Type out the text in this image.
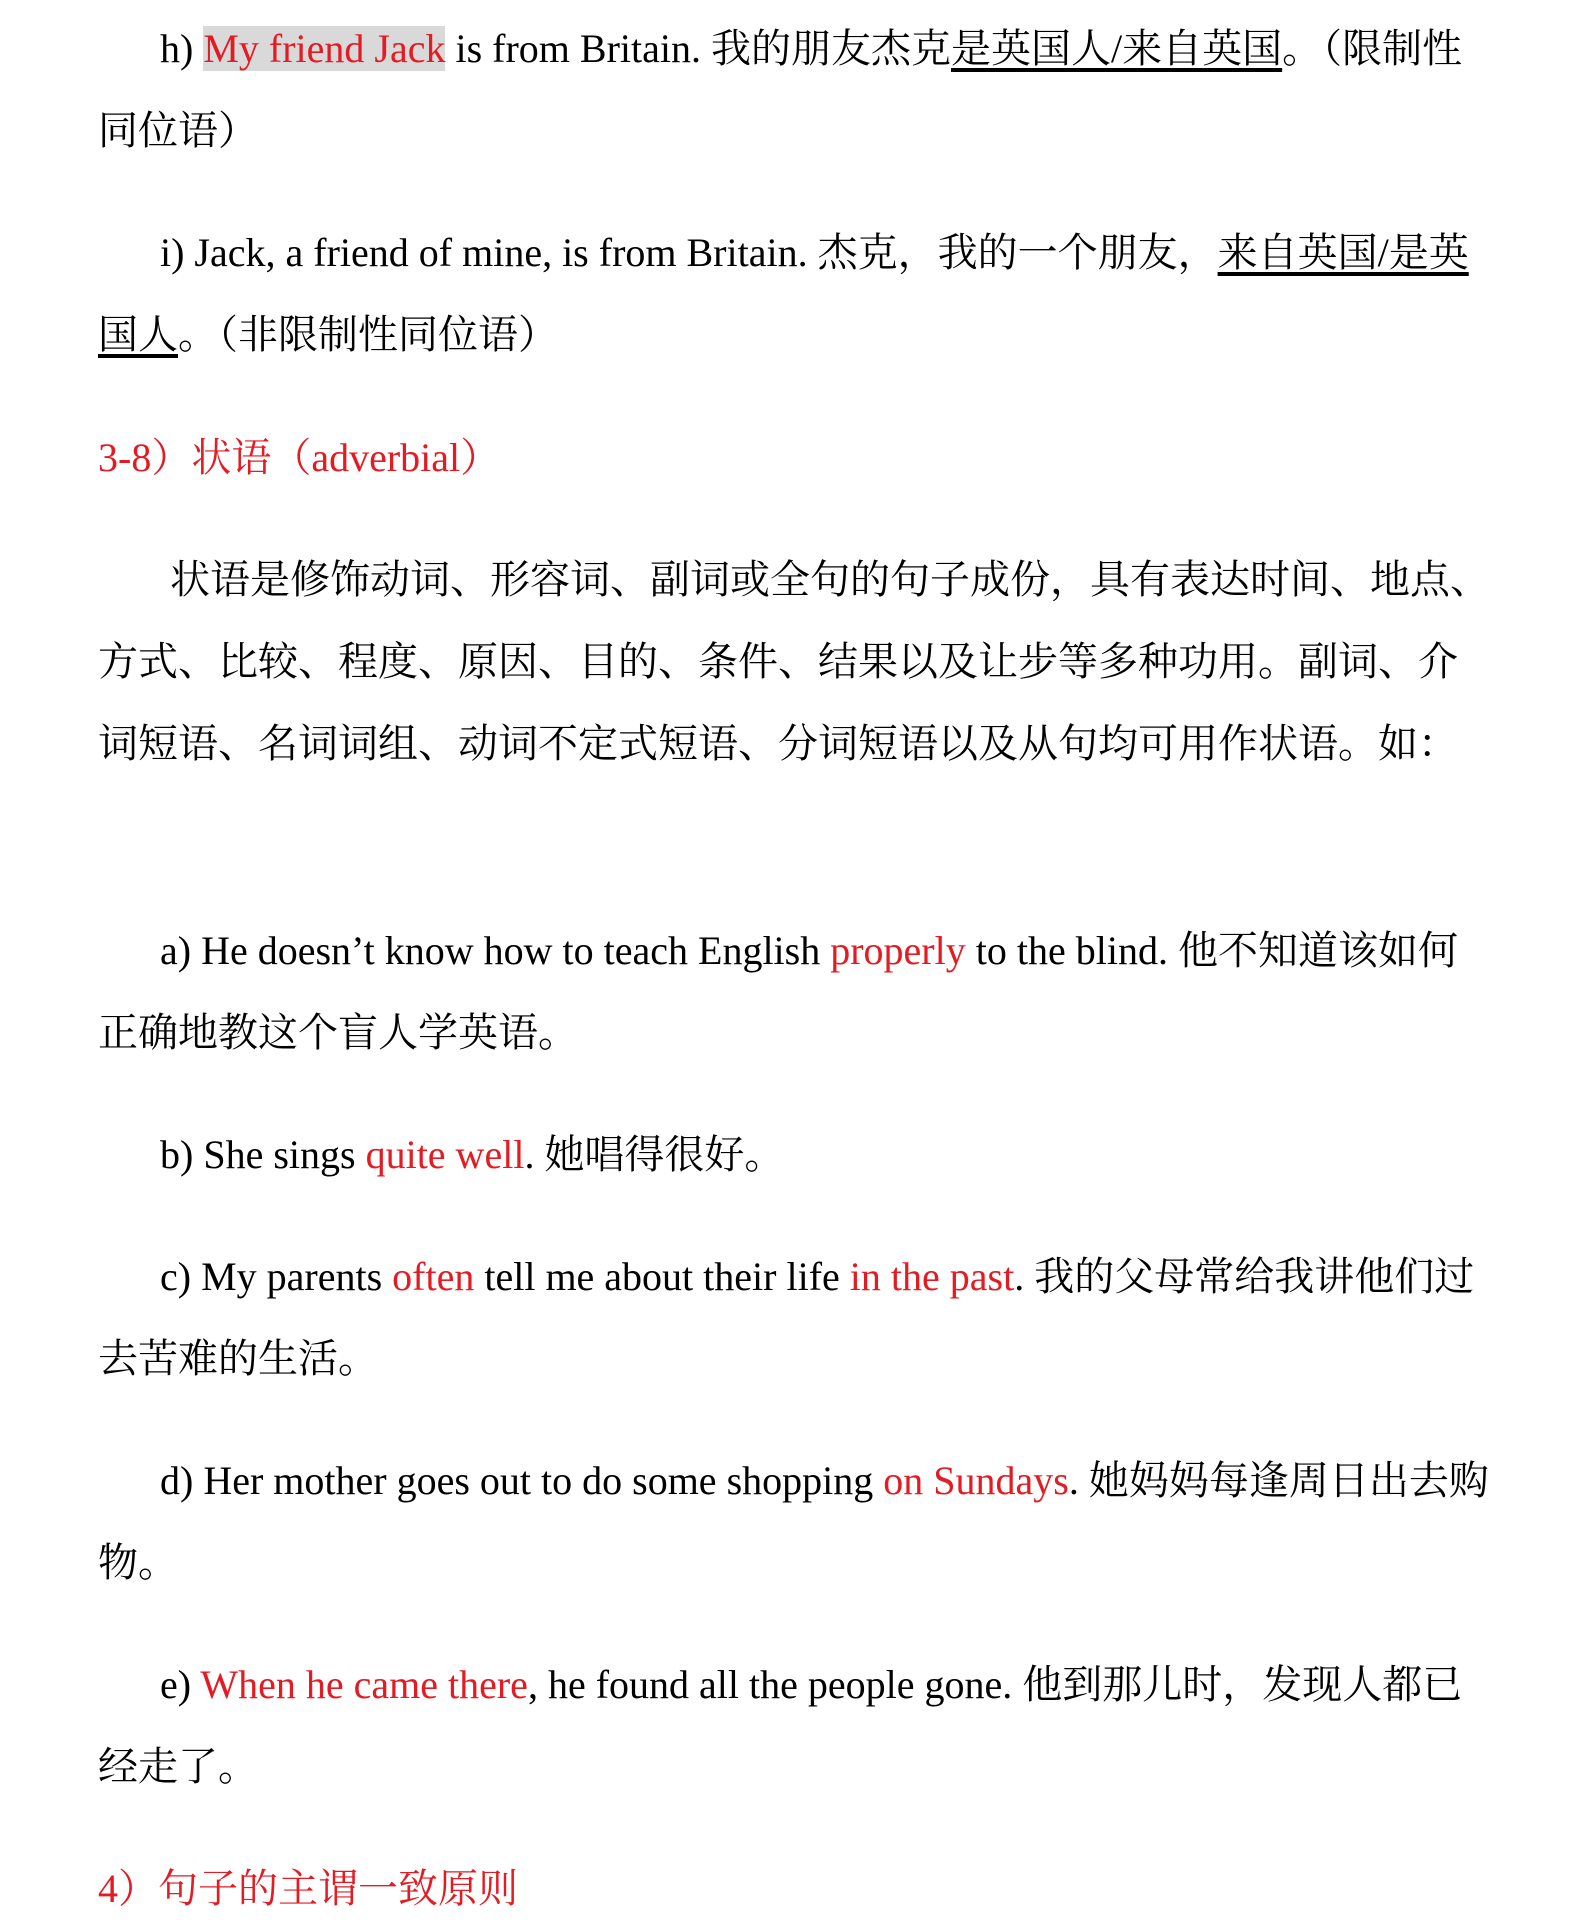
h) My friend Jack is from Britain. 我的朋友杰克是英国人/来自英国。（限制性同位语）

i) Jack, a friend of mine, is from Britain. 杰克，我的一个朋友，来自英国/是英国人。（非限制性同位语）

3-8）状语（adverbial）

状语是修饰动词、形容词、副词或全句的句子成份，具有表达时间、地点、方式、比较、程度、原因、目的、条件、结果以及让步等多种功用。副词、介词短语、名词词组、动词不定式短语、分词短语以及从句均可用作状语。如：

a) He doesn’t know how to teach English properly to the blind. 他不知道该如何正确地教这个盲人学英语。

b) She sings quite well. 她唱得很好。

c) My parents often tell me about their life in the past. 我的父母常给我讲他们过去苦难的生活。

d) Her mother goes out to do some shopping on Sundays. 她妈妈每逢周日出去购物。

e) When he came there, he found all the people gone. 他到那儿时，发现人都已经走了。

4）句子的主谓一致原则
